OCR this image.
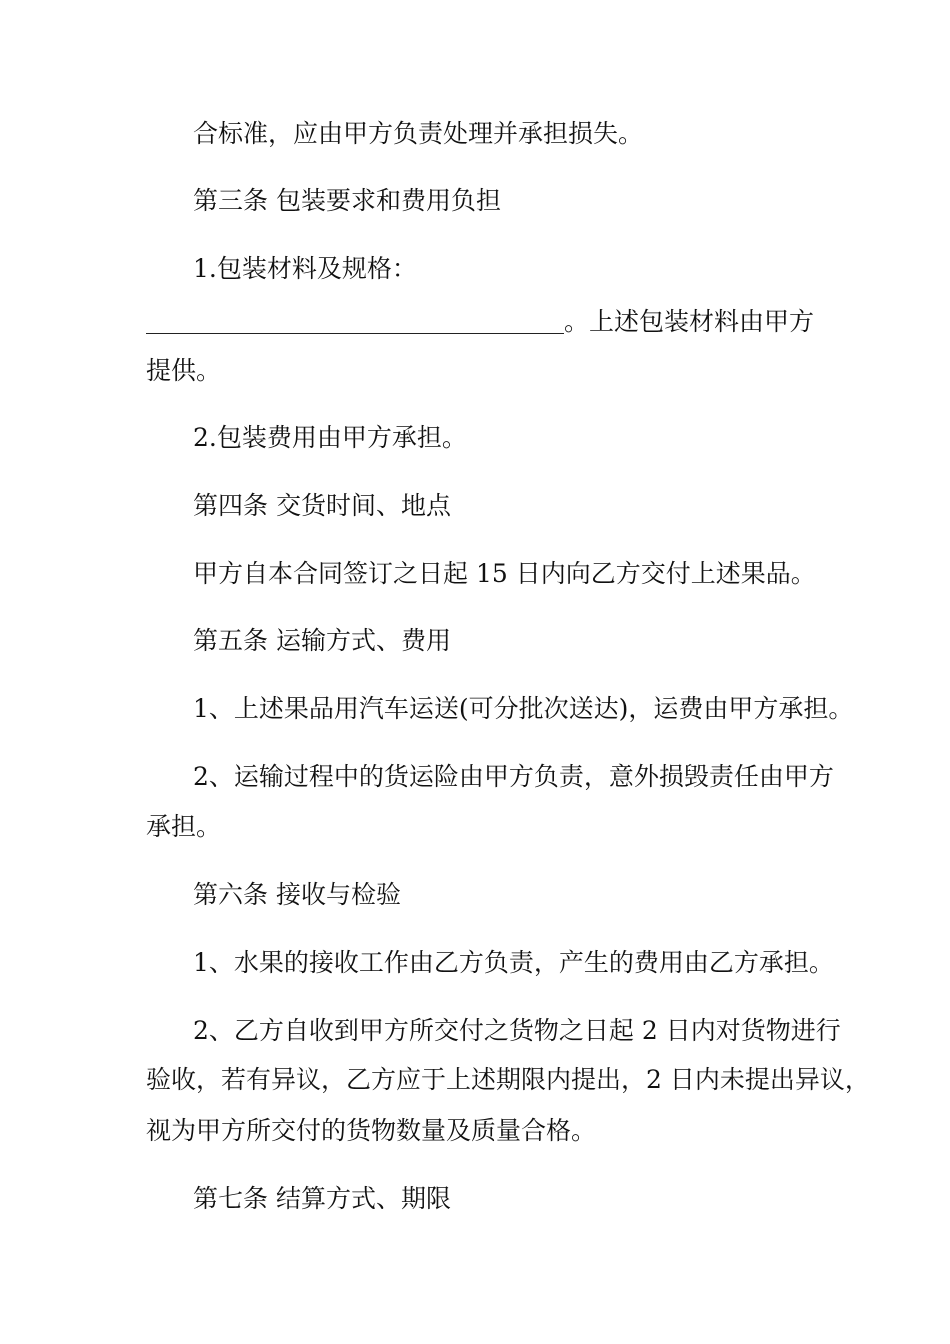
合标准，应由甲方负责处理并承担损失。
第三条 包装要求和费用负担
1.包装材料及规格：
。上述包装材料由甲方
提供。
2.包装费用由甲方承担。
第四条 交货时间、地点
甲方自本合同签订之日起 15 日内向乙方交付上述果品。
第五条 运输方式、费用
1、上述果品用汽车运送(可分批次送达)，运费由甲方承担。
2、运输过程中的货运险由甲方负责，意外损毁责任由甲方
承担。
第六条 接收与检验
1、水果的接收工作由乙方负责，产生的费用由乙方承担。
2、乙方自收到甲方所交付之货物之日起 2 日内对货物进行
验收，若有异议，乙方应于上述期限内提出，2 日内未提出异议，
视为甲方所交付的货物数量及质量合格。
第七条 结算方式、期限
